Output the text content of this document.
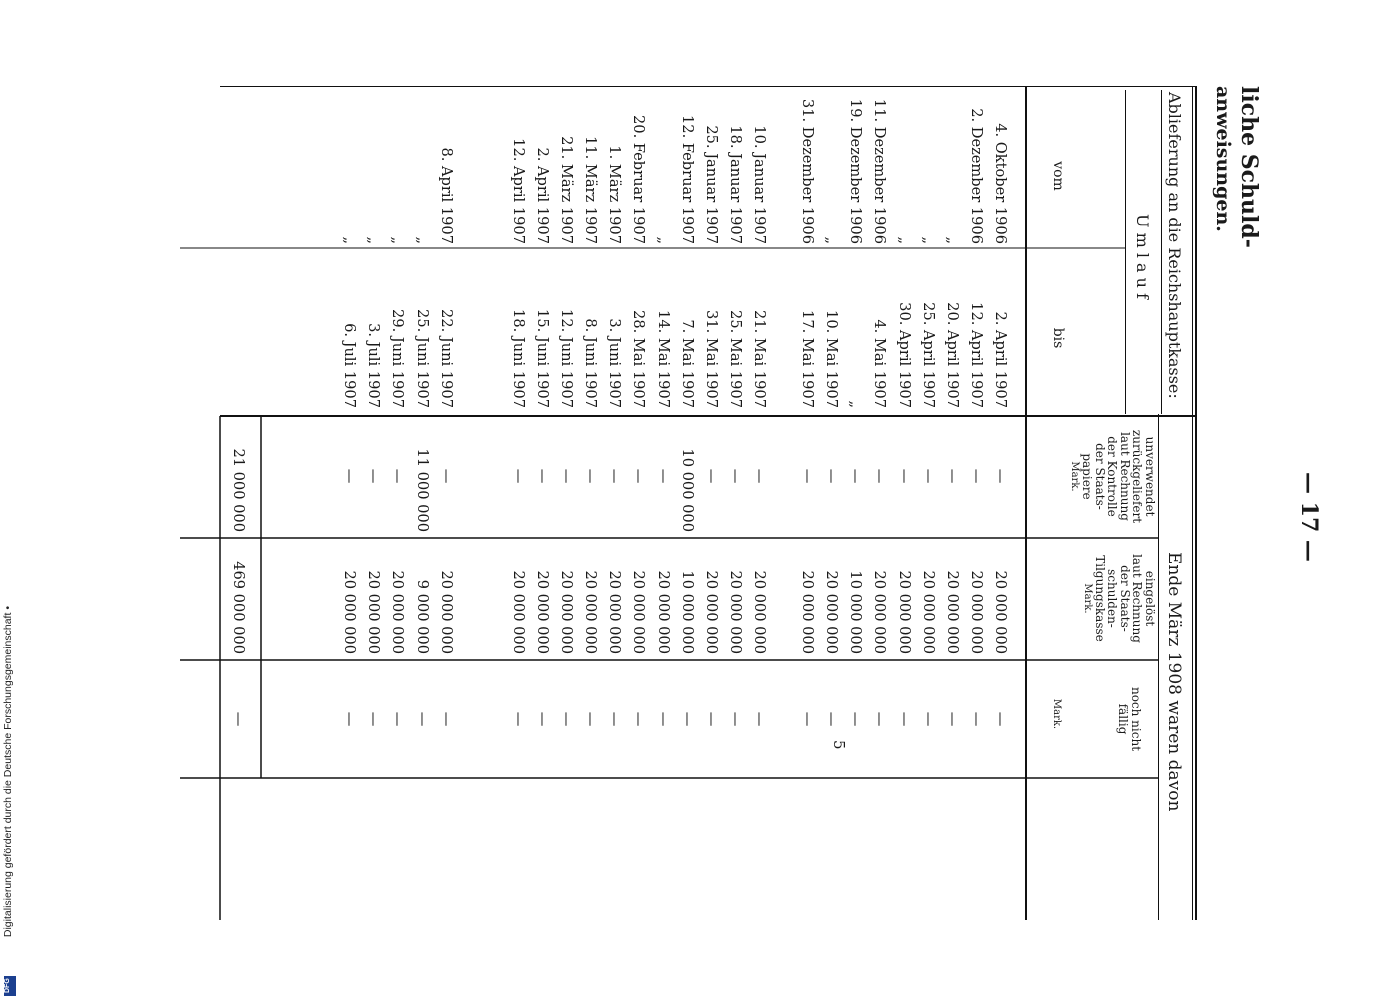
— 17 —
5
Digitalisierung gefördert durch die Deutsche Forschungsgemeinschaft •
DFG
liche Schuld-
anweisungen.
Ablieferung an die Reichshauptkasse:
U m l a u f
vom
bis
Ende März 1908 waren davon
unverwendet
zurückgeliefert
laut Rechnung
der Kontrolle
der Staats-
papiere
Mark.
eingelöst
laut Rechnung
der Staats-
schulden-
Tilgungskasse
Mark.
noch nicht
fällig
Mark.
4. Oktober 1906
2. April 1907
—
20 000 000
—
2. Dezember 1906
12. April 1907
—
20 000 000
—
„
20. April 1907
—
20 000 000
—
„
25. April 1907
—
20 000 000
—
„
30. April 1907
—
20 000 000
—
11. Dezember 1906
4. Mai 1907
—
20 000 000
—
19. Dezember 1906
„
—
10 000 000
—
„
10. Mai 1907
—
20 000 000
—
31. Dezember 1906
17. Mai 1907
—
20 000 000
—
10. Januar 1907
21. Mai 1907
—
20 000 000
—
18. Januar 1907
25. Mai 1907
—
20 000 000
—
25. Januar 1907
31. Mai 1907
—
20 000 000
—
12. Februar 1907
7. Mai 1907
10 000 000
10 000 000
—
„
14. Mai 1907
—
20 000 000
—
20. Februar 1907
28. Mai 1907
—
20 000 000
—
1. März 1907
3. Juni 1907
—
20 000 000
—
11. März 1907
8. Juni 1907
—
20 000 000
—
21. März 1907
12. Juni 1907
—
20 000 000
—
2. April 1907
15. Juni 1907
—
20 000 000
—
12. April 1907
18. Juni 1907
—
20 000 000
—
8. April 1907
22. Juni 1907
—
20 000 000
—
„
25. Juni 1907
11 000 000
9 000 000
—
„
29. Juni 1907
—
20 000 000
—
„
3. Juli 1907
—
20 000 000
—
„
6. Juli 1907
—
20 000 000
—
21 000 000
469 000 000
—
